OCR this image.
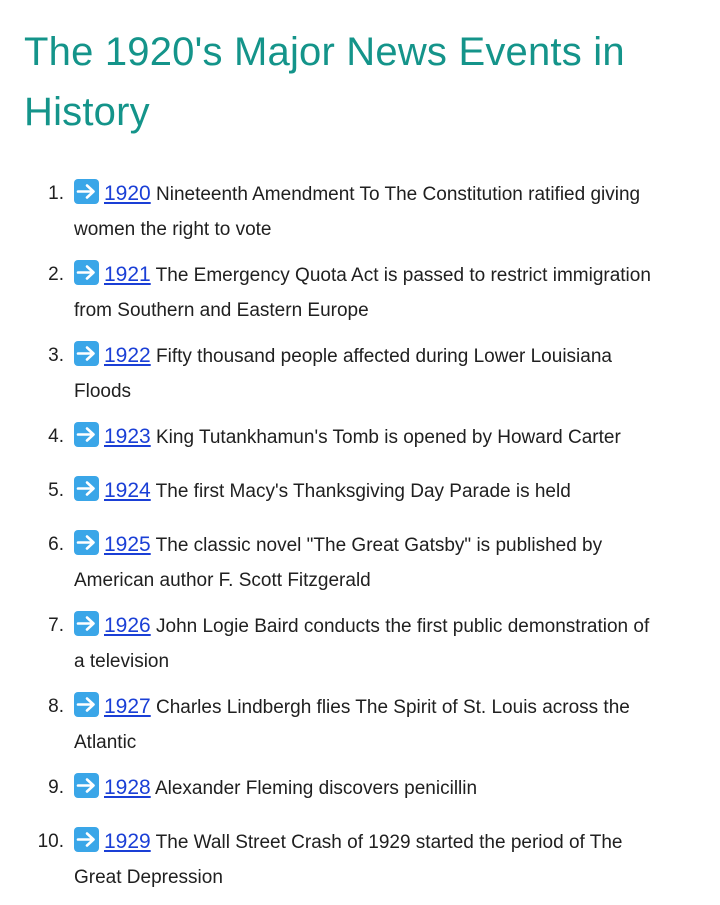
The 1920's Major News Events in History
1. 1920 Nineteenth Amendment To The Constitution ratified giving women the right to vote
2. 1921 The Emergency Quota Act is passed to restrict immigration from Southern and Eastern Europe
3. 1922 Fifty thousand people affected during Lower Louisiana Floods
4. 1923 King Tutankhamun's Tomb is opened by Howard Carter
5. 1924 The first Macy's Thanksgiving Day Parade is held
6. 1925 The classic novel "The Great Gatsby" is published by American author F. Scott Fitzgerald
7. 1926 John Logie Baird conducts the first public demonstration of a television
8. 1927 Charles Lindbergh flies The Spirit of St. Louis across the Atlantic
9. 1928 Alexander Fleming discovers penicillin
10. 1929 The Wall Street Crash of 1929 started the period of The Great Depression
